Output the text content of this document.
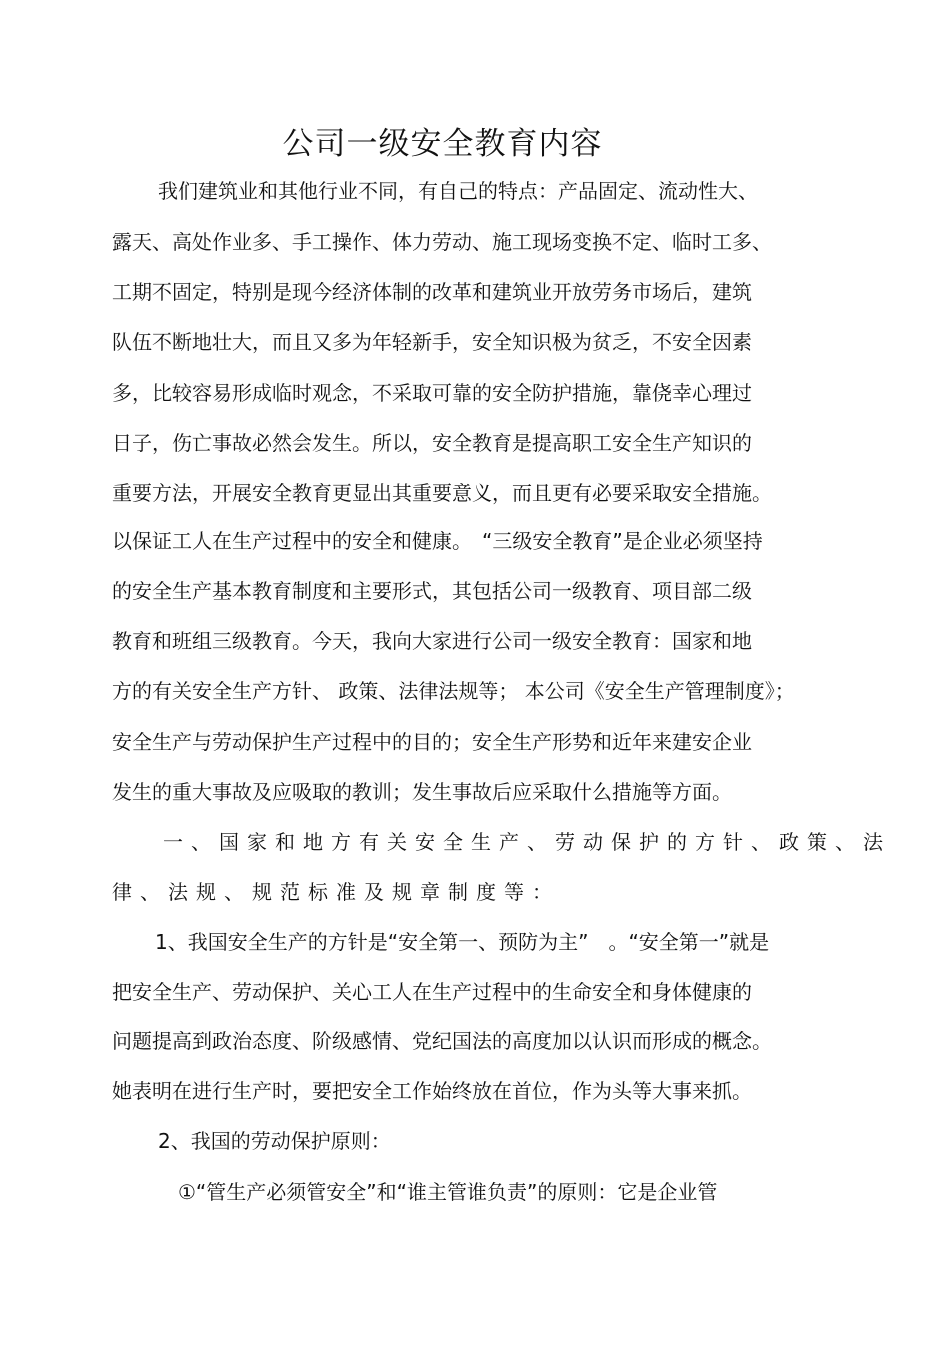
公司一级安全教育内容
我们建筑业和其他行业不同，有自己的特点：产品固定、流动性大、
露天、高处作业多、手工操作、体力劳动、施工现场变换不定、临时工多、
工期不固定，特别是现今经济体制的改革和建筑业开放劳务市场后，建筑
队伍不断地壮大，而且又多为年轻新手，安全知识极为贫乏，不安全因素
多，比较容易形成临时观念，不采取可靠的安全防护措施，靠侥幸心理过
日子，伤亡事故必然会发生。所以，安全教育是提高职工安全生产知识的
重要方法，开展安全教育更显出其重要意义，而且更有必要采取安全措施。
以保证工人在生产过程中的安全和健康。　“三级安全教育”是企业必须坚持
的安全生产基本教育制度和主要形式，其包括公司一级教育、项目部二级
教育和班组三级教育。今天，我向大家进行公司一级安全教育：国家和地
方的有关安全生产方针、 政策、法律法规等； 本公司《安全生产管理制度》；
安全生产与劳动保护生产过程中的目的；安全生产形势和近年来建安企业
发生的重大事故及应吸取的教训；发生事故后应采取什么措施等方面。
一、国家和地方有关安全生产、劳动保护的方针、政策、法
律、法规、规范标准及规章制度等：
1、我国安全生产的方针是“安全第一、预防为主”　。“安全第一”就是
把安全生产、劳动保护、关心工人在生产过程中的生命安全和身体健康的
问题提高到政治态度、阶级感情、党纪国法的高度加以认识而形成的概念。
她表明在进行生产时，要把安全工作始终放在首位，作为头等大事来抓。
2、我国的劳动保护原则：
①“管生产必须管安全”和“谁主管谁负责”的原则：它是企业管
